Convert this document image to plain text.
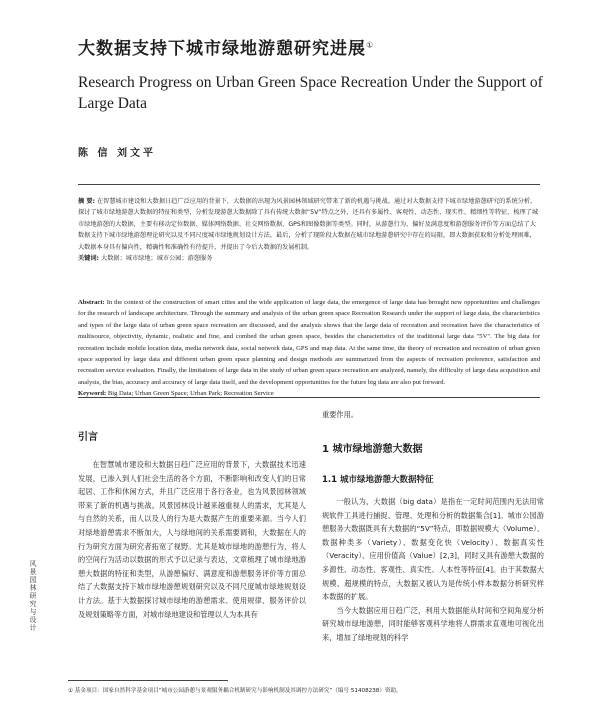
大数据支持下城市绿地游憩研究进展①
Research Progress on Urban Green Space Recreation Under the Support of Large Data
陈 信 刘文平
摘 要: 在智慧城市建设和大数据日趋广泛应用的背景下，大数据的出现为风景园林领域研究带来了新的机遇与挑战。通过对大数据支持下城市绿地游憩研究的系统分析，探讨了城市绿地游憩大数据的特征和类型，分析发现游憩大数据除了具有传统大数据“5V”特点之外，还具有多属性、客观性、动态性、现实性、精细性等特征，梳理了城市绿地游憩的大数据，主要有移动定位数据、媒体网络数据、社交网络数据、GPS和图像数据等类型。同时，从游憩行为、偏好及满意度和游憩服务评价等方面总结了大数据支持下城市绿地游憩理论研究以及不同尺度城市绿地规划设计方法。最后，分析了现阶段大数据在城市绿地游憩研究中存在的局限，即大数据获取和分析处理困难，大数据本身具有偏向性，精确性和准确性有待提升，并提出了今后大数据的发展机制。
关键词: 大数据；城市绿地；城市公园；游憩服务
Abstract: In the context of the construction of smart cities and the wide application of large data, the emergence of large data has brought new opportunities and challenges for the research of landscape architecture. Through the summary and analysis of the urban green space Recreation Research under the support of large data, the characteristics and types of the large data of urban green space recreation are discussed, and the analysis shows that the large data of recreation and recreation have the characteristics of multisource, objectivity, dynamic, realistic and fine, and combed the urban green space, besides the characteristics of the traditional large data "5V". The big data for recreation include mobile location data, media network data, social network data, GPS and map data. At the same time, the theory of recreation and recreation of urban green space supported by large data and different urban green space planning and design methods are summarized from the aspects of recreation preference, satisfaction and recreation service evaluation. Finally, the limitations of large data in the study of urban green space recreation are analyzed, namely, the difficulty of large data acquisition and analysis, the bias, accuracy and accuracy of large data itself, and the development opportunities for the future big data are also put forward.
Keyword: Big Data; Urban Green Space; Urban Park; Recreation Service
引言

在智慧城市建设和大数据日趋广泛应用的背景下，大数据技术迅速发展，已渗入到人们社会生活的各个方面，不断影响和改变人们的日常起居、工作和休闲方式，并且广泛应用于各行各业，也为风景园林领域带来了新的机遇与挑战。风景园林设计越来越重视人的需求，尤其是人与自然的关系，而人以及人的行为是大数据产生的重要来源。当今人们对绿地游憩需求不断加大，人与绿地间的关系需要调和，大数据在人的行为研究方面为研究者拓宽了视野。尤其是城市绿地的游憩行为，将人的空间行为活动以数据的形式予以记录与表达，文章梳理了城市绿地游憩大数据的特征和类型，从游憩偏好、满意度和游憩服务评价等方面总结了大数据支持下城市绿地游憩规划研究以及不同尺度城市绿地规划设计方法。基于大数据探讨城市绿地的游憩需求、使用规律、服务评价以及规划策略等方面，对城市绿地建设和管理以人为本具有

重要作用。
1 城市绿地游憩大数据
1.1 城市绿地游憩大数据特征

一般认为，大数据（big data）是指在一定时间范围内无法用常规软件工具进行捕捉、管理、处理和分析的数据集合[1]。城市公园游憩服务大数据既具有大数据的“5V”特点，即数据规模大（Volume）、数据种类多（Variety）、数据变化快（Velocity）、数据真实性（Veracity）、应用价值高（Value）[2,3]，同时又具有游憩大数据的多源性、动态性、客观性、真实性、人本性等特征[4]。由于其数据大规模、超规模的特点，大数据又被认为是传统小样本数据分析研究样本数据的扩展。

当今大数据应用日趋广泛，利用大数据能从时间和空间角度分析研究城市绿地游憩，同时能够客观科学地将人群需求直观地可视化出来，增加了绿地规划的科学

风景园林研究与设计
① 基金项目：国家自然科学基金项目“城市公园游憩与景观服务耦合机制研究与影响机制及其调控方法研究”（编号 51408238）资助。
